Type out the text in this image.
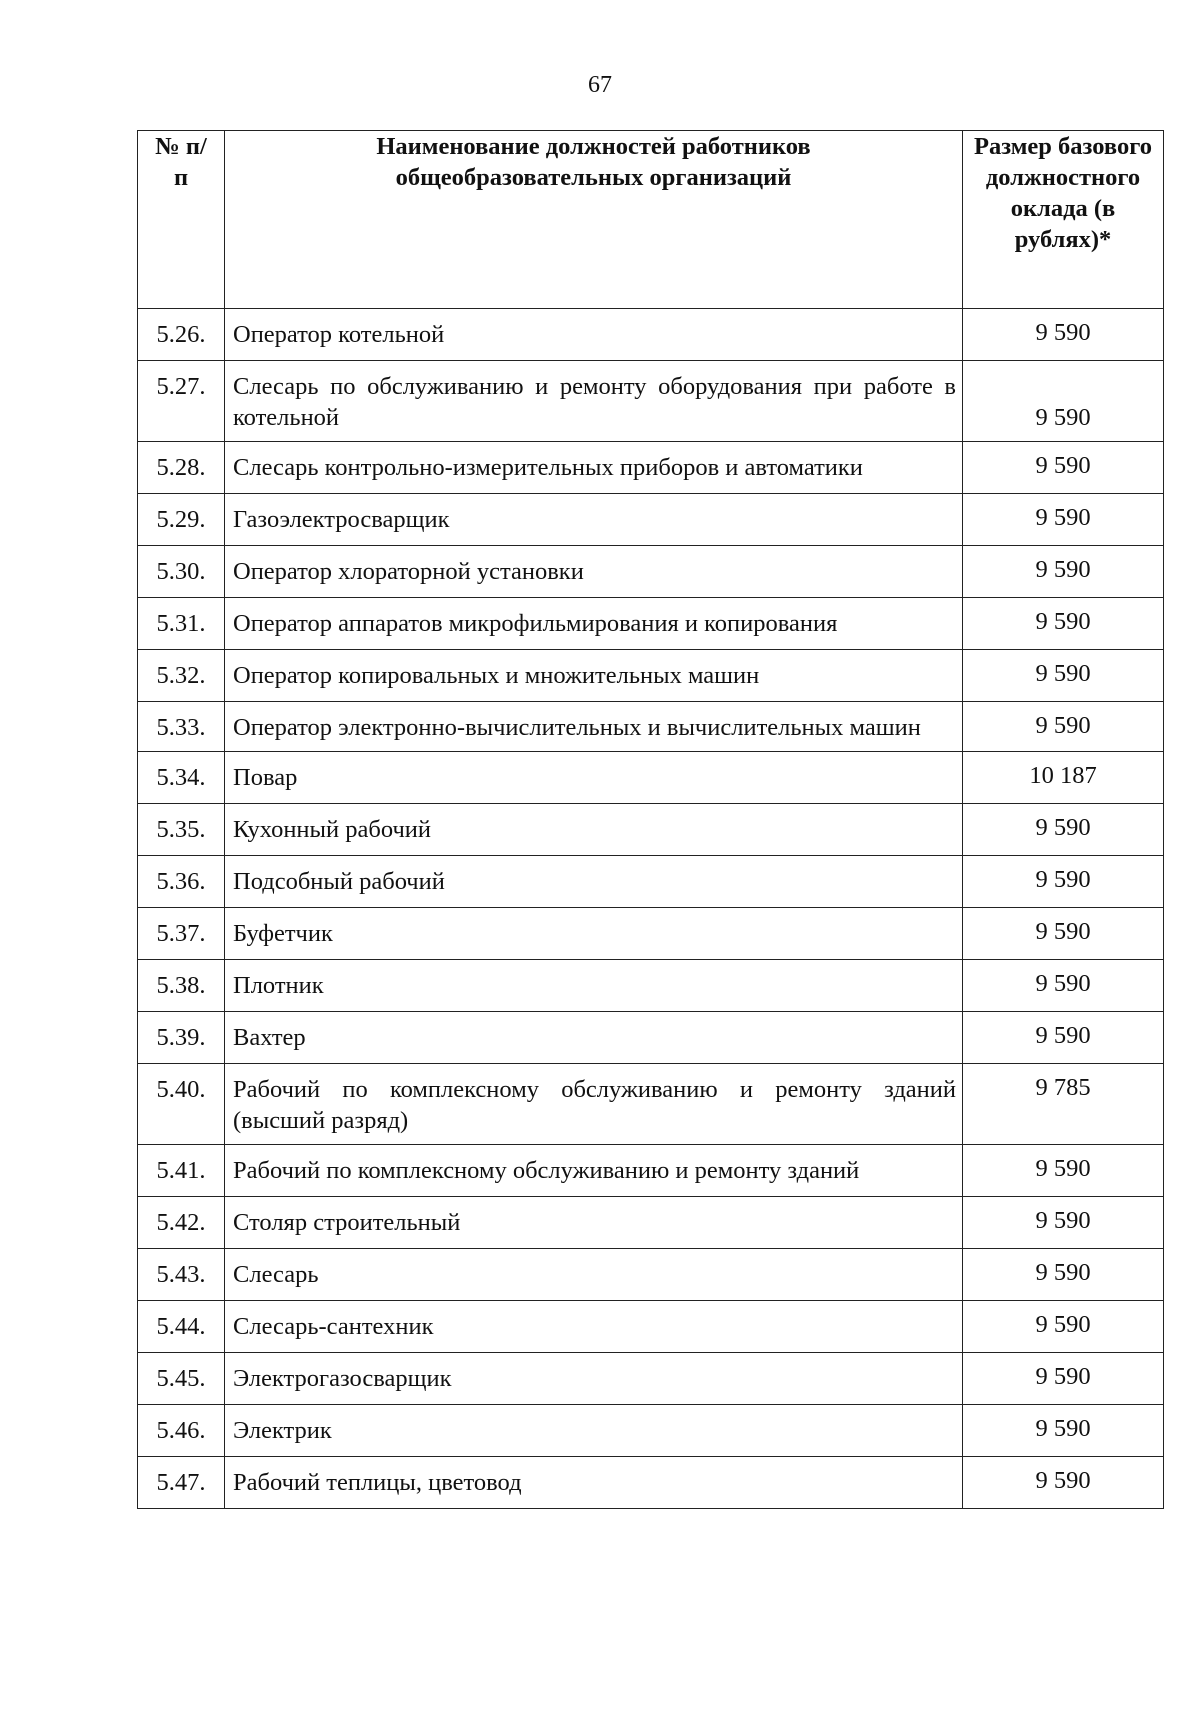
67
№ п/п	Наименование должностей работников общеобразовательных организаций	Размер базового должностного оклада (в рублях)*

5.26.	Оператор котельной	9 590
5.27.	Слесарь по обслуживанию и ремонту оборудования при работе в котельной	9 590
5.28.	Слесарь контрольно-измерительных приборов и автоматики	9 590
5.29.	Газоэлектросварщик	9 590
5.30.	Оператор хлораторной установки	9 590
5.31.	Оператор аппаратов микрофильмирования и копирования	9 590
5.32.	Оператор копировальных и множительных машин	9 590
5.33.	Оператор электронно-вычислительных и вычислительных машин	9 590
5.34.	Повар	10 187
5.35.	Кухонный рабочий	9 590
5.36.	Подсобный рабочий	9 590
5.37.	Буфетчик	9 590
5.38.	Плотник	9 590
5.39.	Вахтер	9 590
5.40.	Рабочий по комплексному обслуживанию и ремонту зданий (высший разряд)	9 785
5.41.	Рабочий по комплексному обслуживанию и ремонту зданий	9 590
5.42.	Столяр строительный	9 590
5.43.	Слесарь	9 590
5.44.	Слесарь-сантехник	9 590
5.45.	Электрогазосварщик	9 590
5.46.	Электрик	9 590
5.47.	Рабочий теплицы, цветовод	9 590
